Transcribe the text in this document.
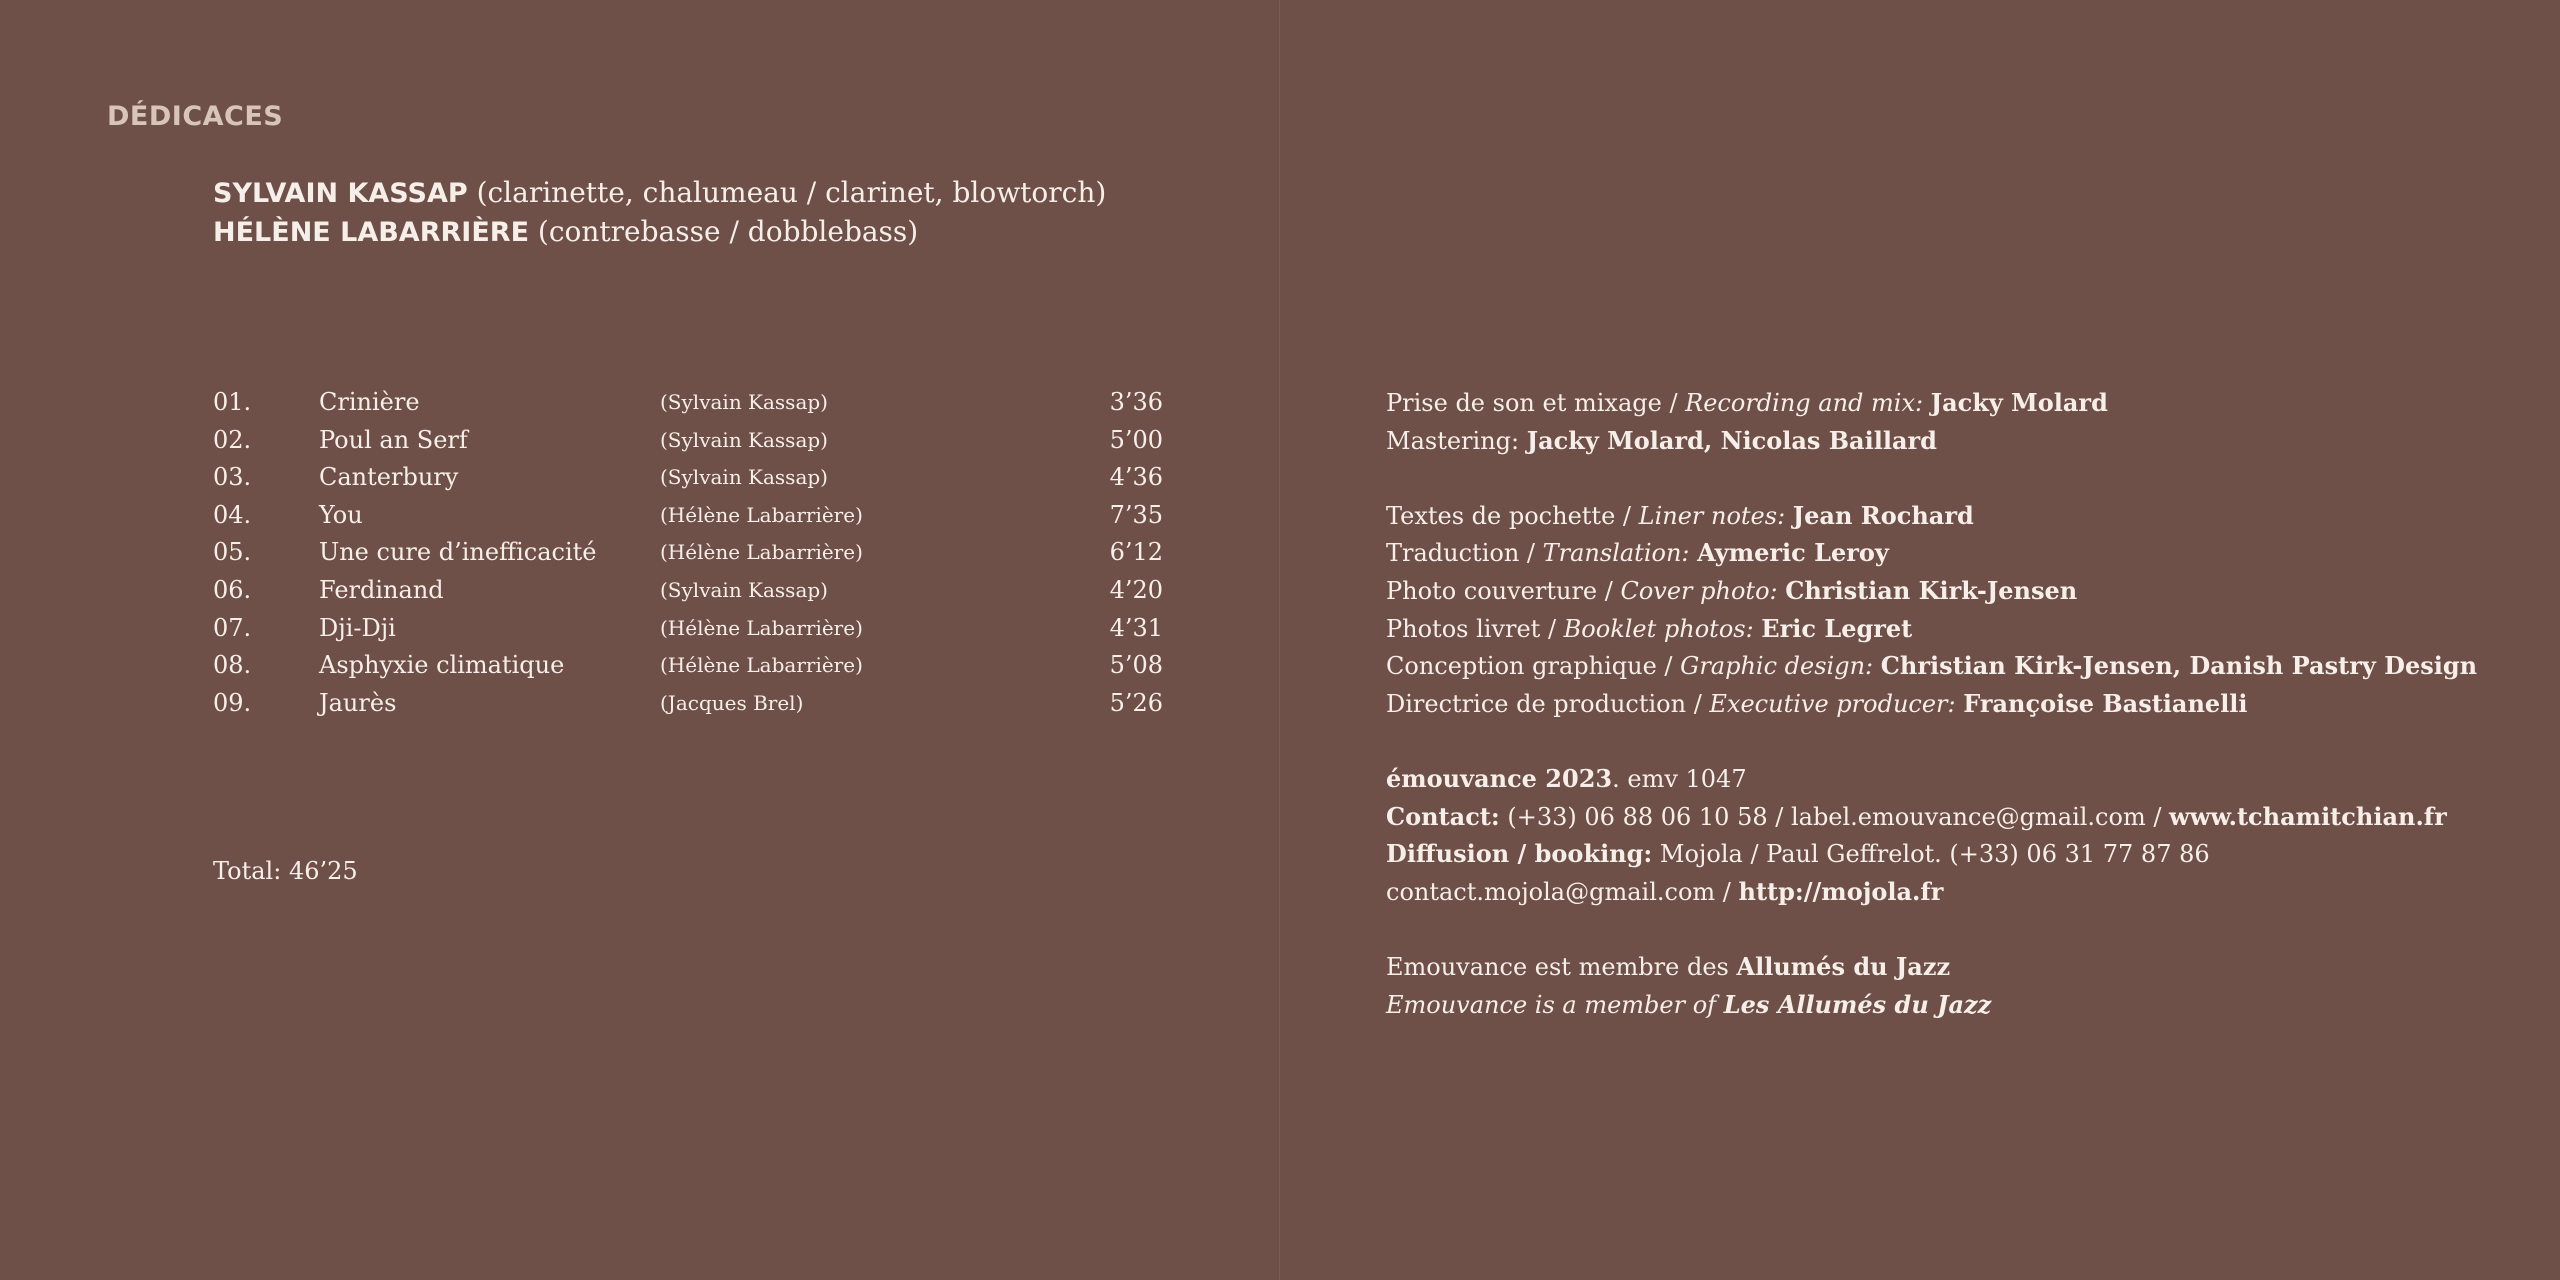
DÉDICACES
SYLVAIN KASSAP (clarinette, chalumeau / clarinet, blowtorch)
HÉLÈNE LABARRIÈRE (contrebasse / dobblebass)
01.	Crinière	(Sylvain Kassap)	3’36
02.	Poul an Serf	(Sylvain Kassap)	5’00
03.	Canterbury	(Sylvain Kassap)	4’36
04.	You	(Hélène Labarrière)	7’35
05.	Une cure d’inefficacité	(Hélène Labarrière)	6’12
06.	Ferdinand	(Sylvain Kassap)	4’20
07.	Dji-Dji	(Hélène Labarrière)	4’31
08.	Asphyxie climatique	(Hélène Labarrière)	5’08
09.	Jaurès	(Jacques Brel)	5’26
Total: 46’25
Prise de son et mixage / Recording and mix: Jacky Molard
Mastering: Jacky Molard, Nicolas Baillard
Textes de pochette / Liner notes: Jean Rochard
Traduction / Translation: Aymeric Leroy
Photo couverture / Cover photo: Christian Kirk-Jensen
Photos livret / Booklet photos: Eric Legret
Conception graphique / Graphic design: Christian Kirk-Jensen, Danish Pastry Design
Directrice de production / Executive producer: Françoise Bastianelli
émouvance 2023. emv 1047
Contact: (+33) 06 88 06 10 58 / label.emouvance@gmail.com / www.tchamitchian.fr
Diffusion / booking: Mojola / Paul Geffrelot. (+33) 06 31 77 87 86
contact.mojola@gmail.com / http://mojola.fr
Emouvance est membre des Allumés du Jazz
Emouvance is a member of Les Allumés du Jazz
